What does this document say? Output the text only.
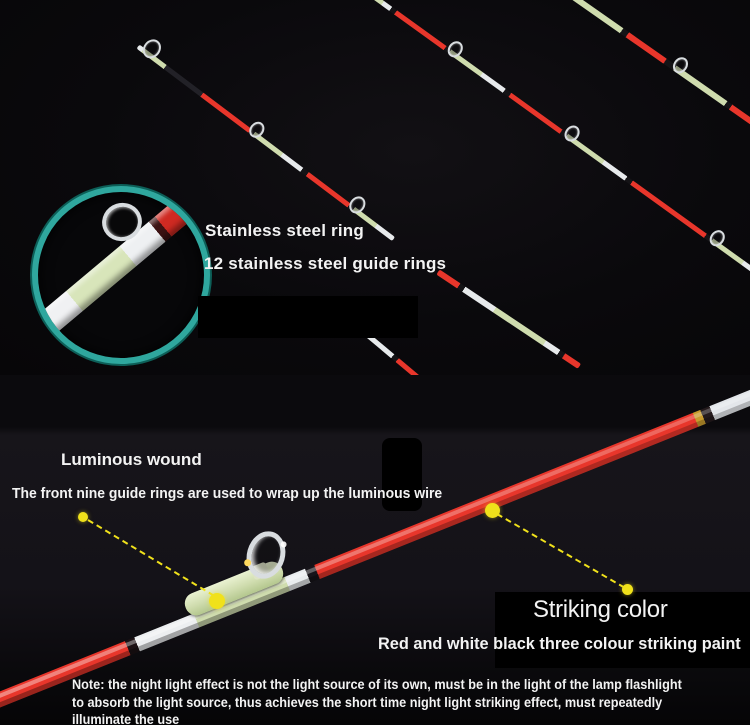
Stainless steel ring
12 stainless steel guide rings
Luminous wound
The front nine guide rings are used to wrap up the luminous wire
Striking color
Red and white black three colour striking paint
Note: the night light effect is not the light source of its own, must be in the light of the lamp flashlight
to absorb the light source, thus achieves the short time night light striking effect, must repeatedly
illuminate the use
